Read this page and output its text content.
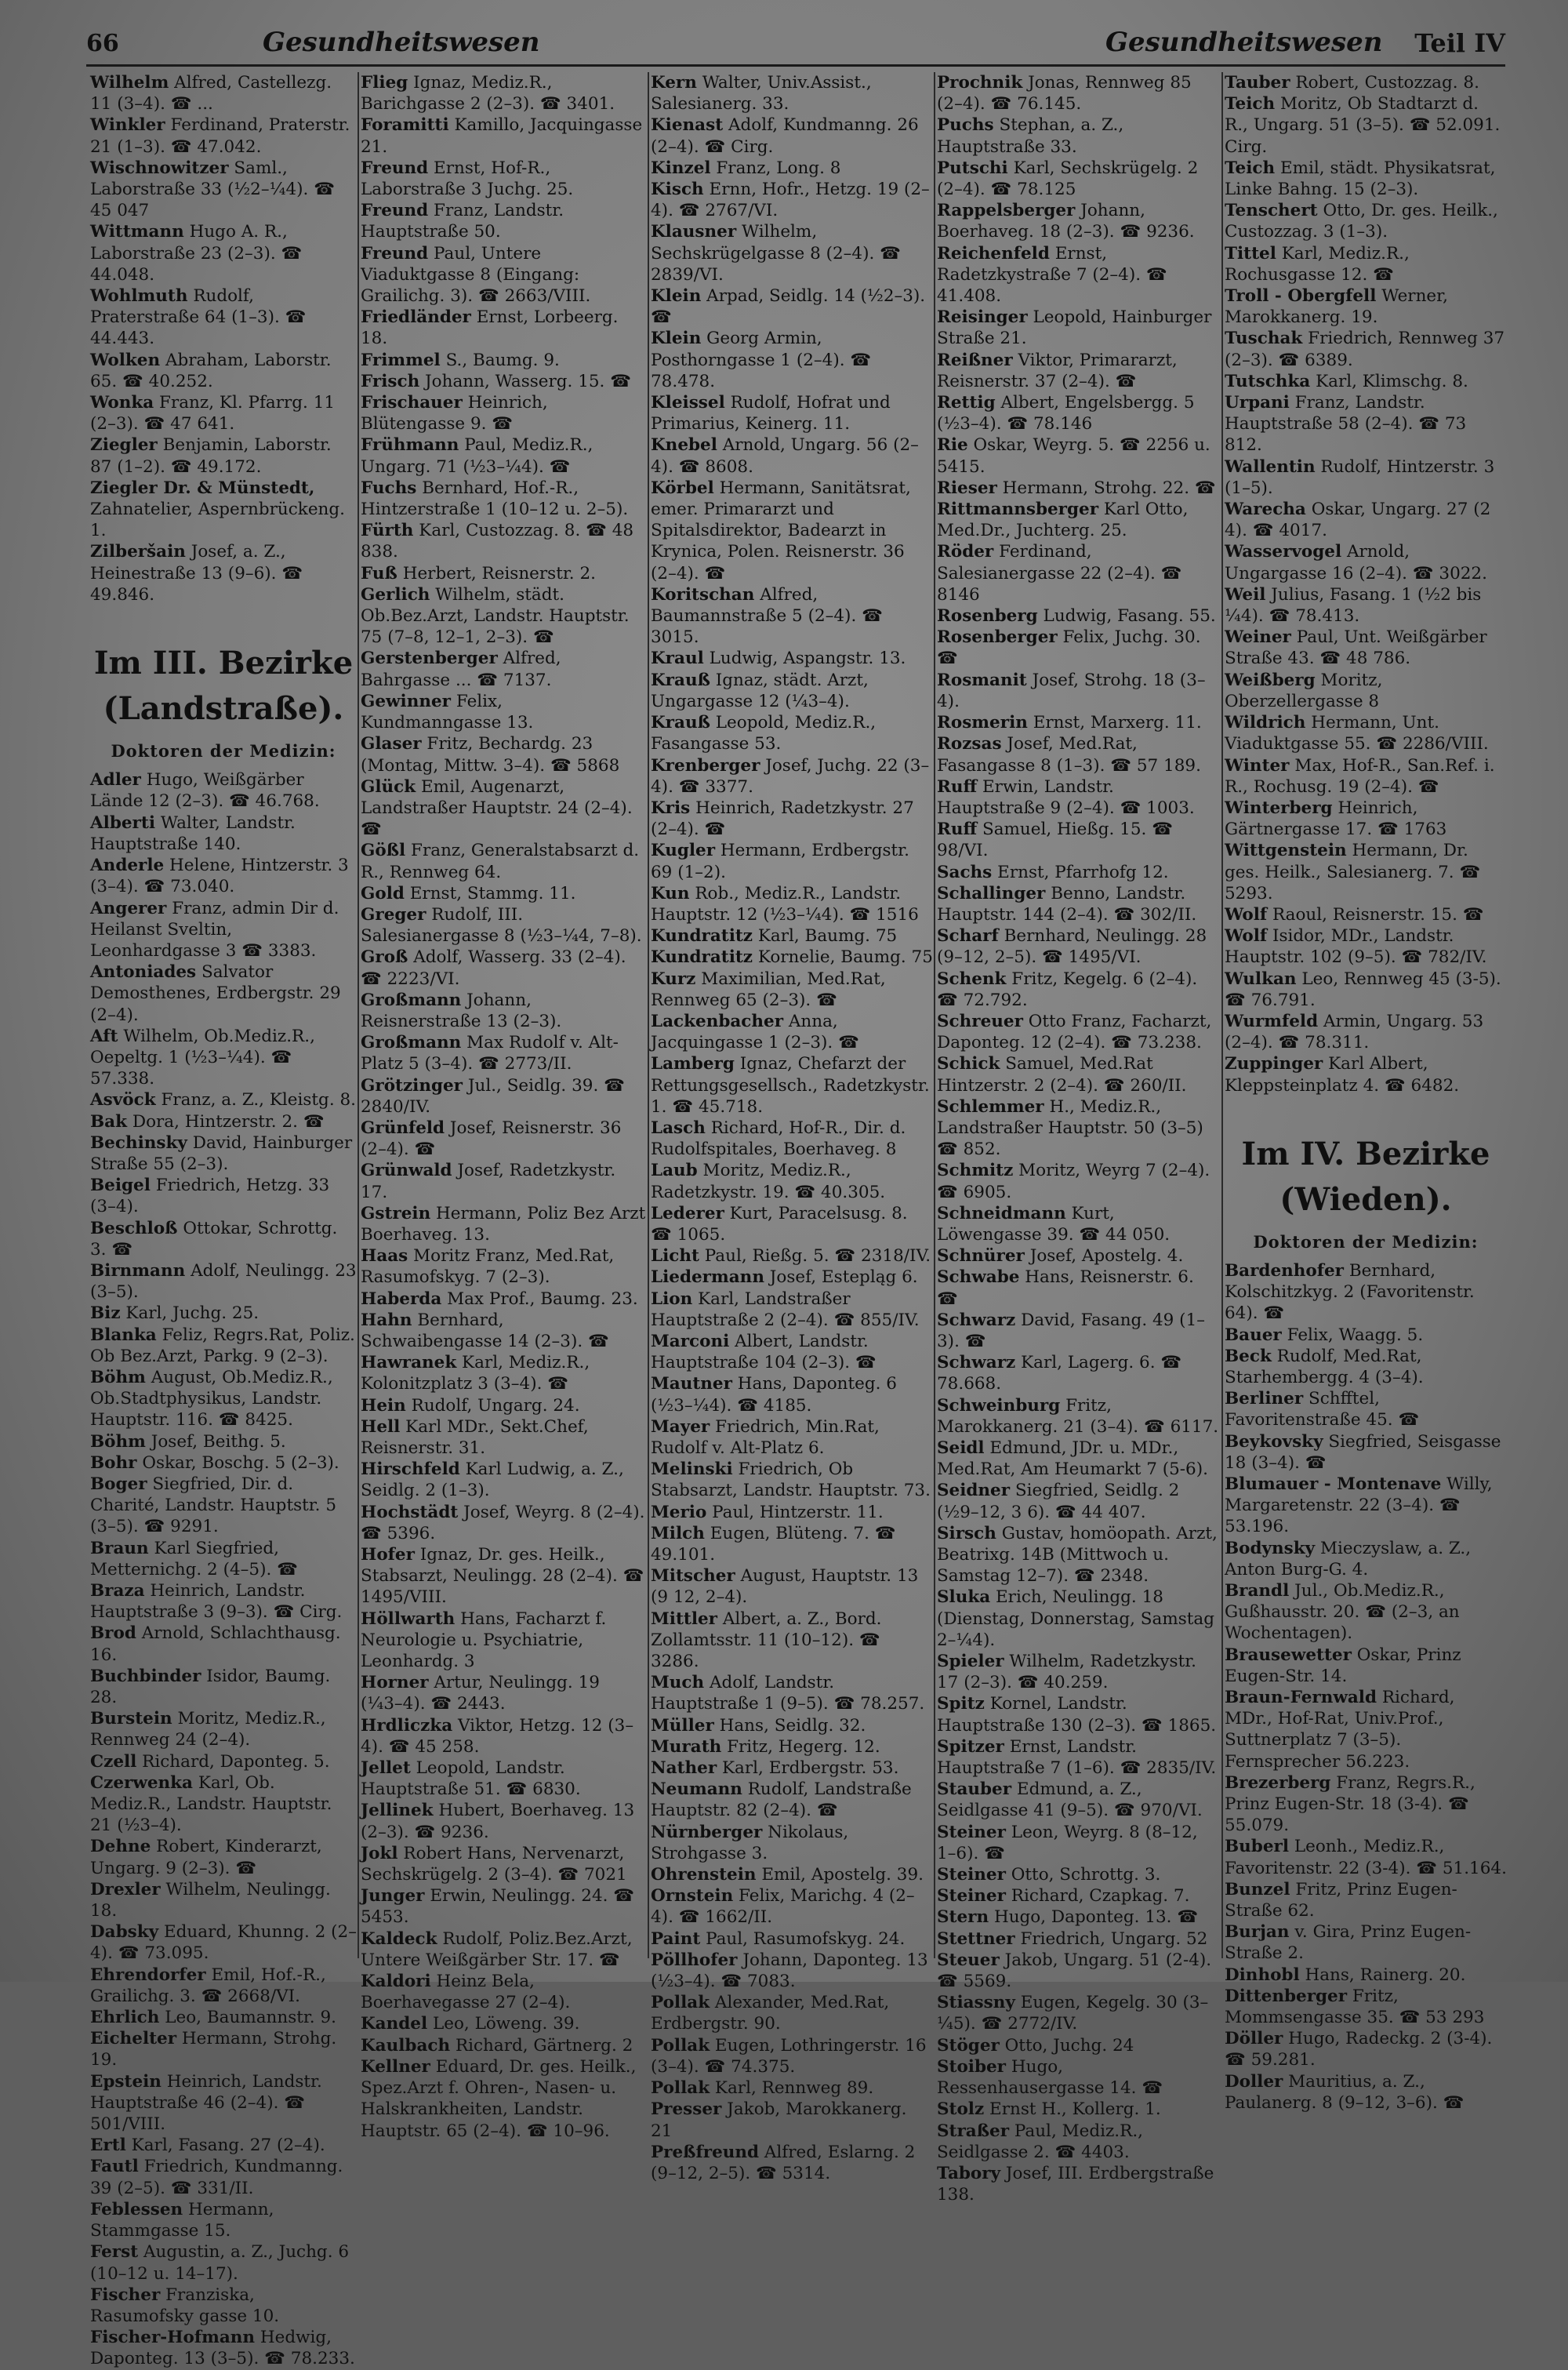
66	Gesundheitswesen	Gesundheitswesen Teil IV
Wilhelm Alfred, Castellezg. 11 (3–4). ☎ ...
Winkler Ferdinand, Praterstr. 21 (1–3). ☎ 47.042.
Wischnowitzer Saml., Laborstraße 33 (½2–¼4). ☎ 45 047
Wittmann Hugo A. R., Laborstraße 23 (2–3). ☎ 44.048.
Wohlmuth Rudolf, Praterstraße 64 (1–3). ☎ 44.443.
Wolken Abraham, Laborstr. 65. ☎ 40.252.
Wonka Franz, Kl. Pfarrg. 11 (2–3). ☎ 47 641.
Ziegler Benjamin, Laborstr. 87 (1–2). ☎ 49.172.
Ziegler Dr. & Münstedt, Zahnatelier, Aspernbrückeng. 1.
Zilberšain Josef, a. Z., Heinestraße 13 (9–6). ☎ 49.846.
Im III. Bezirke
(Landstraße).
Doktoren der Medizin:
Adler Hugo, Weißgärber Lände 12 (2–3). ☎ 46.768.
Alberti Walter, Landstr. Hauptstraße 140.
Anderle Helene, Hintzerstr. 3 (3–4). ☎ 73.040.
Angerer Franz, admin Dir d. Heilanst Sveltin, Leonhardgasse 3 ☎ 3383.
Antoniades Salvator Demosthenes, Erdbergstr. 29 (2–4).
Aft Wilhelm, Ob.Mediz.R., Oepeltg. 1 (½3–¼4). ☎ 57.338.
Asvöck Franz, a. Z., Kleistg. 8.
Bak Dora, Hintzerstr. 2. ☎
Bechinsky David, Hainburger Straße 55 (2–3).
Beigel Friedrich, Hetzg. 33 (3–4).
Beschloß Ottokar, Schrottg. 3. ☎
Birnmann Adolf, Neulingg. 23 (3–5).
Biz Karl, Juchg. 25.
Blanka Feliz, Regrs.Rat, Poliz. Ob Bez.Arzt, Parkg. 9 (2–3).
Böhm August, Ob.Mediz.R., Ob.Stadtphysikus, Landstr. Hauptstr. 116. ☎ 8425.
Böhm Josef, Beithg. 5.
Bohr Oskar, Boschg. 5 (2–3).
Boger Siegfried, Dir. d. Charité, Landstr. Hauptstr. 5 (3–5). ☎ 9291.
Braun Karl Siegfried, Metternichg. 2 (4–5). ☎
Braza Heinrich, Landstr. Hauptstraße 3 (9–3). ☎ Cirg.
Brod Arnold, Schlachthausg. 16.
Buchbinder Isidor, Baumg. 28.
Burstein Moritz, Mediz.R., Rennweg 24 (2–4).
Czell Richard, Daponteg. 5.
Czerwenka Karl, Ob. Mediz.R., Landstr. Hauptstr. 21 (½3–4).
Dehne Robert, Kinderarzt, Ungarg. 9 (2–3). ☎
Drexler Wilhelm, Neulingg. 18.
Dabsky Eduard, Khunng. 2 (2–4). ☎ 73.095.
Ehrendorfer Emil, Hof.-R., Grailichg. 3. ☎ 2668/VI.
Ehrlich Leo, Baumannstr. 9.
Eichelter Hermann, Strohg. 19.
Epstein Heinrich, Landstr. Hauptstraße 46 (2–4). ☎ 501/VIII.
Ertl Karl, Fasang. 27 (2–4).
Fautl Friedrich, Kundmanng. 39 (2–5). ☎ 331/II.
Feblessen Hermann, Stammgasse 15.
Ferst Augustin, a. Z., Juchg. 6 (10–12 u. 14–17).
Fischer Franziska, Rasumofsky gasse 10.
Fischer-Hofmann Hedwig, Daponteg. 13 (3–5). ☎ 78.233.
Flieg Ignaz, Mediz.R., Barichgasse 2 (2–3). ☎ 3401.
Foramitti Kamillo, Jacquingasse 21.
Freund Ernst, Hof-R., Laborstraße 3 Juchg. 25.
Freund Franz, Landstr. Hauptstraße 50.
Freund Paul, Untere Viaduktgasse 8 (Eingang: Grailichg. 3). ☎ 2663/VIII.
Friedländer Ernst, Lorbeerg. 18.
Frimmel S., Baumg. 9.
Frisch Johann, Wasserg. 15. ☎
Frischauer Heinrich, Blütengasse 9. ☎
Frühmann Paul, Mediz.R., Ungarg. 71 (½3–¼4). ☎
Fuchs Bernhard, Hof.-R., Hintzerstraße 1 (10–12 u. 2–5).
Fürth Karl, Custozzag. 8. ☎ 48 838.
Fuß Herbert, Reisnerstr. 2.
Gerlich Wilhelm, städt. Ob.Bez.Arzt, Landstr. Hauptstr. 75 (7–8, 12–1, 2–3). ☎
Gerstenberger Alfred, Bahrgasse ... ☎ 7137.
Gewinner Felix, Kundmanngasse 13.
Glaser Fritz, Bechardg. 23 (Montag, Mittw. 3–4). ☎ 5868
Glück Emil, Augenarzt, Landstraßer Hauptstr. 24 (2–4). ☎
Gößl Franz, Generalstabsarzt d. R., Rennweg 64.
Gold Ernst, Stammg. 11.
Greger Rudolf, III. Salesianergasse 8 (½3–¼4, 7–8).
Groß Adolf, Wasserg. 33 (2–4). ☎ 2223/VI.
Großmann Johann, Reisnerstraße 13 (2–3).
Großmann Max Rudolf v. Alt-Platz 5 (3–4). ☎ 2773/II.
Grötzinger Jul., Seidlg. 39. ☎ 2840/IV.
Grünfeld Josef, Reisnerstr. 36 (2–4). ☎
Grünwald Josef, Radetzkystr. 17.
Gstrein Hermann, Poliz Bez Arzt Boerhaveg. 13.
Haas Moritz Franz, Med.Rat, Rasumofskyg. 7 (2–3).
Haberda Max Prof., Baumg. 23.
Hahn Bernhard, Schwaibengasse 14 (2–3). ☎
Hawranek Karl, Mediz.R., Kolonitzplatz 3 (3–4). ☎
Hein Rudolf, Ungarg. 24.
Hell Karl MDr., Sekt.Chef, Reisnerstr. 31.
Hirschfeld Karl Ludwig, a. Z., Seidlg. 2 (1–3).
Hochstädt Josef, Weyrg. 8 (2–4). ☎ 5396.
Hofer Ignaz, Dr. ges. Heilk., Stabsarzt, Neulingg. 28 (2–4). ☎ 1495/VIII.
Höllwarth Hans, Facharzt f. Neurologie u. Psychiatrie, Leonhardg. 3
Horner Artur, Neulingg. 19 (¼3–4). ☎ 2443.
Hrdliczka Viktor, Hetzg. 12 (3–4). ☎ 45 258.
Jellet Leopold, Landstr. Hauptstraße 51. ☎ 6830.
Jellinek Hubert, Boerhaveg. 13 (2–3). ☎ 9236.
Jokl Robert Hans, Nervenarzt, Sechskrügelg. 2 (3–4). ☎ 7021
Junger Erwin, Neulingg. 24. ☎ 5453.
Kaldeck Rudolf, Poliz.Bez.Arzt, Untere Weißgärber Str. 17. ☎
Kaldori Heinz Bela, Boerhavegasse 27 (2–4).
Kandel Leo, Löweng. 39.
Kaulbach Richard, Gärtnerg. 2
Kellner Eduard, Dr. ges. Heilk., Spez.Arzt f. Ohren-, Nasen- u. Halskrankheiten, Landstr. Hauptstr. 65 (2–4). ☎ 10–96.
Kern Walter, Univ.Assist., Salesianerg. 33.
Kienast Adolf, Kundmanng. 26 (2–4). ☎ Cirg.
Kinzel Franz, Long. 8
Kisch Ernn, Hofr., Hetzg. 19 (2–4). ☎ 2767/VI.
Klausner Wilhelm, Sechskrügelgasse 8 (2–4). ☎ 2839/VI.
Klein Arpad, Seidlg. 14 (½2–3). ☎
Klein Georg Armin, Posthorngasse 1 (2–4). ☎ 78.478.
Kleissel Rudolf, Hofrat und Primarius, Keinerg. 11.
Knebel Arnold, Ungarg. 56 (2–4). ☎ 8608.
Körbel Hermann, Sanitätsrat, emer. Primararzt und Spitalsdirektor, Badearzt in Krynica, Polen. Reisnerstr. 36 (2–4). ☎
Koritschan Alfred, Baumannstraße 5 (2–4). ☎ 3015.
Kraul Ludwig, Aspangstr. 13.
Krauß Ignaz, städt. Arzt, Ungargasse 12 (¼3–4).
Krauß Leopold, Mediz.R., Fasangasse 53.
Krenberger Josef, Juchg. 22 (3–4). ☎ 3377.
Kris Heinrich, Radetzkystr. 27 (2–4). ☎
Kugler Hermann, Erdbergstr. 69 (1–2).
Kun Rob., Mediz.R., Landstr. Hauptstr. 12 (½3–¼4). ☎ 1516
Kundratitz Karl, Baumg. 75
Kundratitz Kornelie, Baumg. 75
Kurz Maximilian, Med.Rat, Rennweg 65 (2–3). ☎
Lackenbacher Anna, Jacquingasse 1 (2–3). ☎
Lamberg Ignaz, Chefarzt der Rettungsgesellsch., Radetzkystr. 1. ☎ 45.718.
Lasch Richard, Hof-R., Dir. d. Rudolfspitales, Boerhaveg. 8
Laub Moritz, Mediz.R., Radetzkystr. 19. ☎ 40.305.
Lederer Kurt, Paracelsusg. 8. ☎ 1065.
Licht Paul, Rießg. 5. ☎ 2318/IV.
Liedermann Josef, Estepląg 6.
Lion Karl, Landstraßer Hauptstraße 2 (2–4). ☎ 855/IV.
Marconi Albert, Landstr. Hauptstraße 104 (2–3). ☎
Mautner Hans, Daponteg. 6 (½3–¼4). ☎ 4185.
Mayer Friedrich, Min.Rat, Rudolf v. Alt-Platz 6.
Melinski Friedrich, Ob Stabsarzt, Landstr. Hauptstr. 73.
Merio Paul, Hintzerstr. 11.
Milch Eugen, Blüteng. 7. ☎ 49.101.
Mitscher August, Hauptstr. 13 (9 12, 2–4).
Mittler Albert, a. Z., Bord. Zollamtsstr. 11 (10–12). ☎ 3286.
Much Adolf, Landstr. Hauptstraße 1 (9–5). ☎ 78.257.
Müller Hans, Seidlg. 32.
Murath Fritz, Hegerg. 12.
Nather Karl, Erdbergstr. 53.
Neumann Rudolf, Landstraße Hauptstr. 82 (2–4). ☎
Nürnberger Nikolaus, Strohgasse 3.
Ohrenstein Emil, Apostelg. 39.
Ornstein Felix, Marichg. 4 (2–4). ☎ 1662/II.
Paint Paul, Rasumofskyg. 24.
Pöllhofer Johann, Daponteg. 13 (½3–4). ☎ 7083.
Pollak Alexander, Med.Rat, Erdbergstr. 90.
Pollak Eugen, Lothringerstr. 16 (3–4). ☎ 74.375.
Pollak Karl, Rennweg 89.
Presser Jakob, Marokkanerg. 21
Preßfreund Alfred, Eslarng. 2 (9–12, 2–5). ☎ 5314.
Prochnik Jonas, Rennweg 85 (2–4). ☎ 76.145.
Puchs Stephan, a. Z., Hauptstraße 33.
Putschi Karl, Sechskrügelg. 2 (2–4). ☎ 78.125
Rappelsberger Johann, Boerhaveg. 18 (2–3). ☎ 9236.
Reichenfeld Ernst, Radetzkystraße 7 (2–4). ☎ 41.408.
Reisinger Leopold, Hainburger Straße 21.
Reißner Viktor, Primararzt, Reisnerstr. 37 (2–4). ☎
Rettig Albert, Engelsbergg. 5 (½3–4). ☎ 78.146
Rie Oskar, Weyrg. 5. ☎ 2256 u. 5415.
Rieser Hermann, Strohg. 22. ☎
Rittmannsberger Karl Otto, Med.Dr., Juchterg. 25.
Röder Ferdinand, Salesianergasse 22 (2–4). ☎ 8146
Rosenberg Ludwig, Fasang. 55.
Rosenberger Felix, Juchg. 30. ☎
Rosmanit Josef, Strohg. 18 (3–4).
Rosmerin Ernst, Marxerg. 11.
Rozsas Josef, Med.Rat, Fasangasse 8 (1–3). ☎ 57 189.
Ruff Erwin, Landstr. Hauptstraße 9 (2–4). ☎ 1003.
Ruff Samuel, Hießg. 15. ☎ 98/VI.
Sachs Ernst, Pfarrhofg 12.
Schallinger Benno, Landstr. Hauptstr. 144 (2–4). ☎ 302/II.
Scharf Bernhard, Neulingg. 28 (9–12, 2–5). ☎ 1495/VI.
Schenk Fritz, Kegelg. 6 (2–4). ☎ 72.792.
Schreuer Otto Franz, Facharzt, Daponteg. 12 (2–4). ☎ 73.238.
Schick Samuel, Med.Rat Hintzerstr. 2 (2–4). ☎ 260/II.
Schlemmer H., Mediz.R., Landstraßer Hauptstr. 50 (3–5) ☎ 852.
Schmitz Moritz, Weyrg 7 (2–4). ☎ 6905.
Schneidmann Kurt, Löwengasse 39. ☎ 44 050.
Schnürer Josef, Apostelg. 4.
Schwabe Hans, Reisnerstr. 6. ☎
Schwarz David, Fasang. 49 (1–3). ☎
Schwarz Karl, Lagerg. 6. ☎ 78.668.
Schweinburg Fritz, Marokkanerg. 21 (3–4). ☎ 6117.
Seidl Edmund, JDr. u. MDr., Med.Rat, Am Heumarkt 7 (5-6).
Seidner Siegfried, Seidlg. 2 (½9–12, 3 6). ☎ 44 407.
Sirsch Gustav, homöopath. Arzt, Beatrixg. 14B (Mittwoch u. Samstag 12–7). ☎ 2348.
Sluka Erich, Neulingg. 18 (Dienstag, Donnerstag, Samstag 2–¼4).
Spieler Wilhelm, Radetzkystr. 17 (2–3). ☎ 40.259.
Spitz Kornel, Landstr. Hauptstraße 130 (2–3). ☎ 1865.
Spitzer Ernst, Landstr. Hauptstraße 7 (1–6). ☎ 2835/IV.
Stauber Edmund, a. Z., Seidlgasse 41 (9–5). ☎ 970/VI.
Steiner Leon, Weyrg. 8 (8–12, 1–6). ☎
Steiner Otto, Schrottg. 3.
Steiner Richard, Czapkag. 7.
Stern Hugo, Daponteg. 13. ☎
Stettner Friedrich, Ungarg. 52
Steuer Jakob, Ungarg. 51 (2-4). ☎ 5569.
Stiassny Eugen, Kegelg. 30 (3–¼5). ☎ 2772/IV.
Stöger Otto, Juchg. 24
Stoiber Hugo, Ressenhausergasse 14. ☎
Stolz Ernst H., Kollerg. 1.
Straßer Paul, Mediz.R., Seidlgasse 2. ☎ 4403.
Tabory Josef, III. Erdbergstraße 138.
Tauber Robert, Custozzag. 8.
Teich Moritz, Ob Stadtarzt d. R., Ungarg. 51 (3–5). ☎ 52.091. Cirg.
Teich Emil, städt. Physikatsrat, Linke Bahng. 15 (2–3).
Tenschert Otto, Dr. ges. Heilk., Custozzag. 3 (1–3).
Tittel Karl, Mediz.R., Rochusgasse 12. ☎
Troll - Obergfell Werner, Marokkanerg. 19.
Tuschak Friedrich, Rennweg 37 (2–3). ☎ 6389.
Tutschka Karl, Klimschg. 8.
Urpani Franz, Landstr. Hauptstraße 58 (2–4). ☎ 73 812.
Wallentin Rudolf, Hintzerstr. 3 (1–5).
Warecha Oskar, Ungarg. 27 (2 4). ☎ 4017.
Wasservogel Arnold, Ungargasse 16 (2–4). ☎ 3022.
Weil Julius, Fasang. 1 (½2 bis ¼4). ☎ 78.413.
Weiner Paul, Unt. Weißgärber Straße 43. ☎ 48 786.
Weißberg Moritz, Oberzellergasse 8
Wildrich Hermann, Unt. Viaduktgasse 55. ☎ 2286/VIII.
Winter Max, Hof-R., San.Ref. i. R., Rochusg. 19 (2–4). ☎
Winterberg Heinrich, Gärtnergasse 17. ☎ 1763
Wittgenstein Hermann, Dr. ges. Heilk., Salesianerg. 7. ☎ 5293.
Wolf Raoul, Reisnerstr. 15. ☎
Wolf Isidor, MDr., Landstr. Hauptstr. 102 (9–5). ☎ 782/IV.
Wulkan Leo, Rennweg 45 (3-5). ☎ 76.791.
Wurmfeld Armin, Ungarg. 53 (2–4). ☎ 78.311.
Zuppinger Karl Albert, Kleppsteinplatz 4. ☎ 6482.
Im IV. Bezirke
(Wieden).
Doktoren der Medizin:
Bardenhofer Bernhard, Kolschitzkyg. 2 (Favoritenstr. 64). ☎
Bauer Felix, Waagg. 5.
Beck Rudolf, Med.Rat, Starhembergg. 4 (3–4).
Berliner Schfftel, Favoritenstraße 45. ☎
Beykovsky Siegfried, Seisgasse 18 (3–4). ☎
Blumauer - Montenave Willy, Margaretenstr. 22 (3–4). ☎ 53.196.
Bodynsky Mieczyslaw, a. Z., Anton Burg-G. 4.
Brandl Jul., Ob.Mediz.R., Gußhausstr. 20. ☎ (2–3, an Wochentagen).
Brausewetter Oskar, Prinz Eugen-Str. 14.
Braun-Fernwald Richard, MDr., Hof-Rat, Univ.Prof., Suttnerplatz 7 (3–5). Fernsprecher 56.223.
Brezerberg Franz, Regrs.R., Prinz Eugen-Str. 18 (3-4). ☎ 55.079.
Buberl Leonh., Mediz.R., Favoritenstr. 22 (3-4). ☎ 51.164.
Bunzel Fritz, Prinz Eugen-Straße 62.
Burjan v. Gira, Prinz Eugen-Straße 2.
Dinhobl Hans, Rainerg. 20.
Dittenberger Fritz, Mommsengasse 35. ☎ 53 293
Döller Hugo, Radeckg. 2 (3-4). ☎ 59.281.
Doller Mauritius, a. Z., Paulanerg. 8 (9–12, 3–6). ☎
